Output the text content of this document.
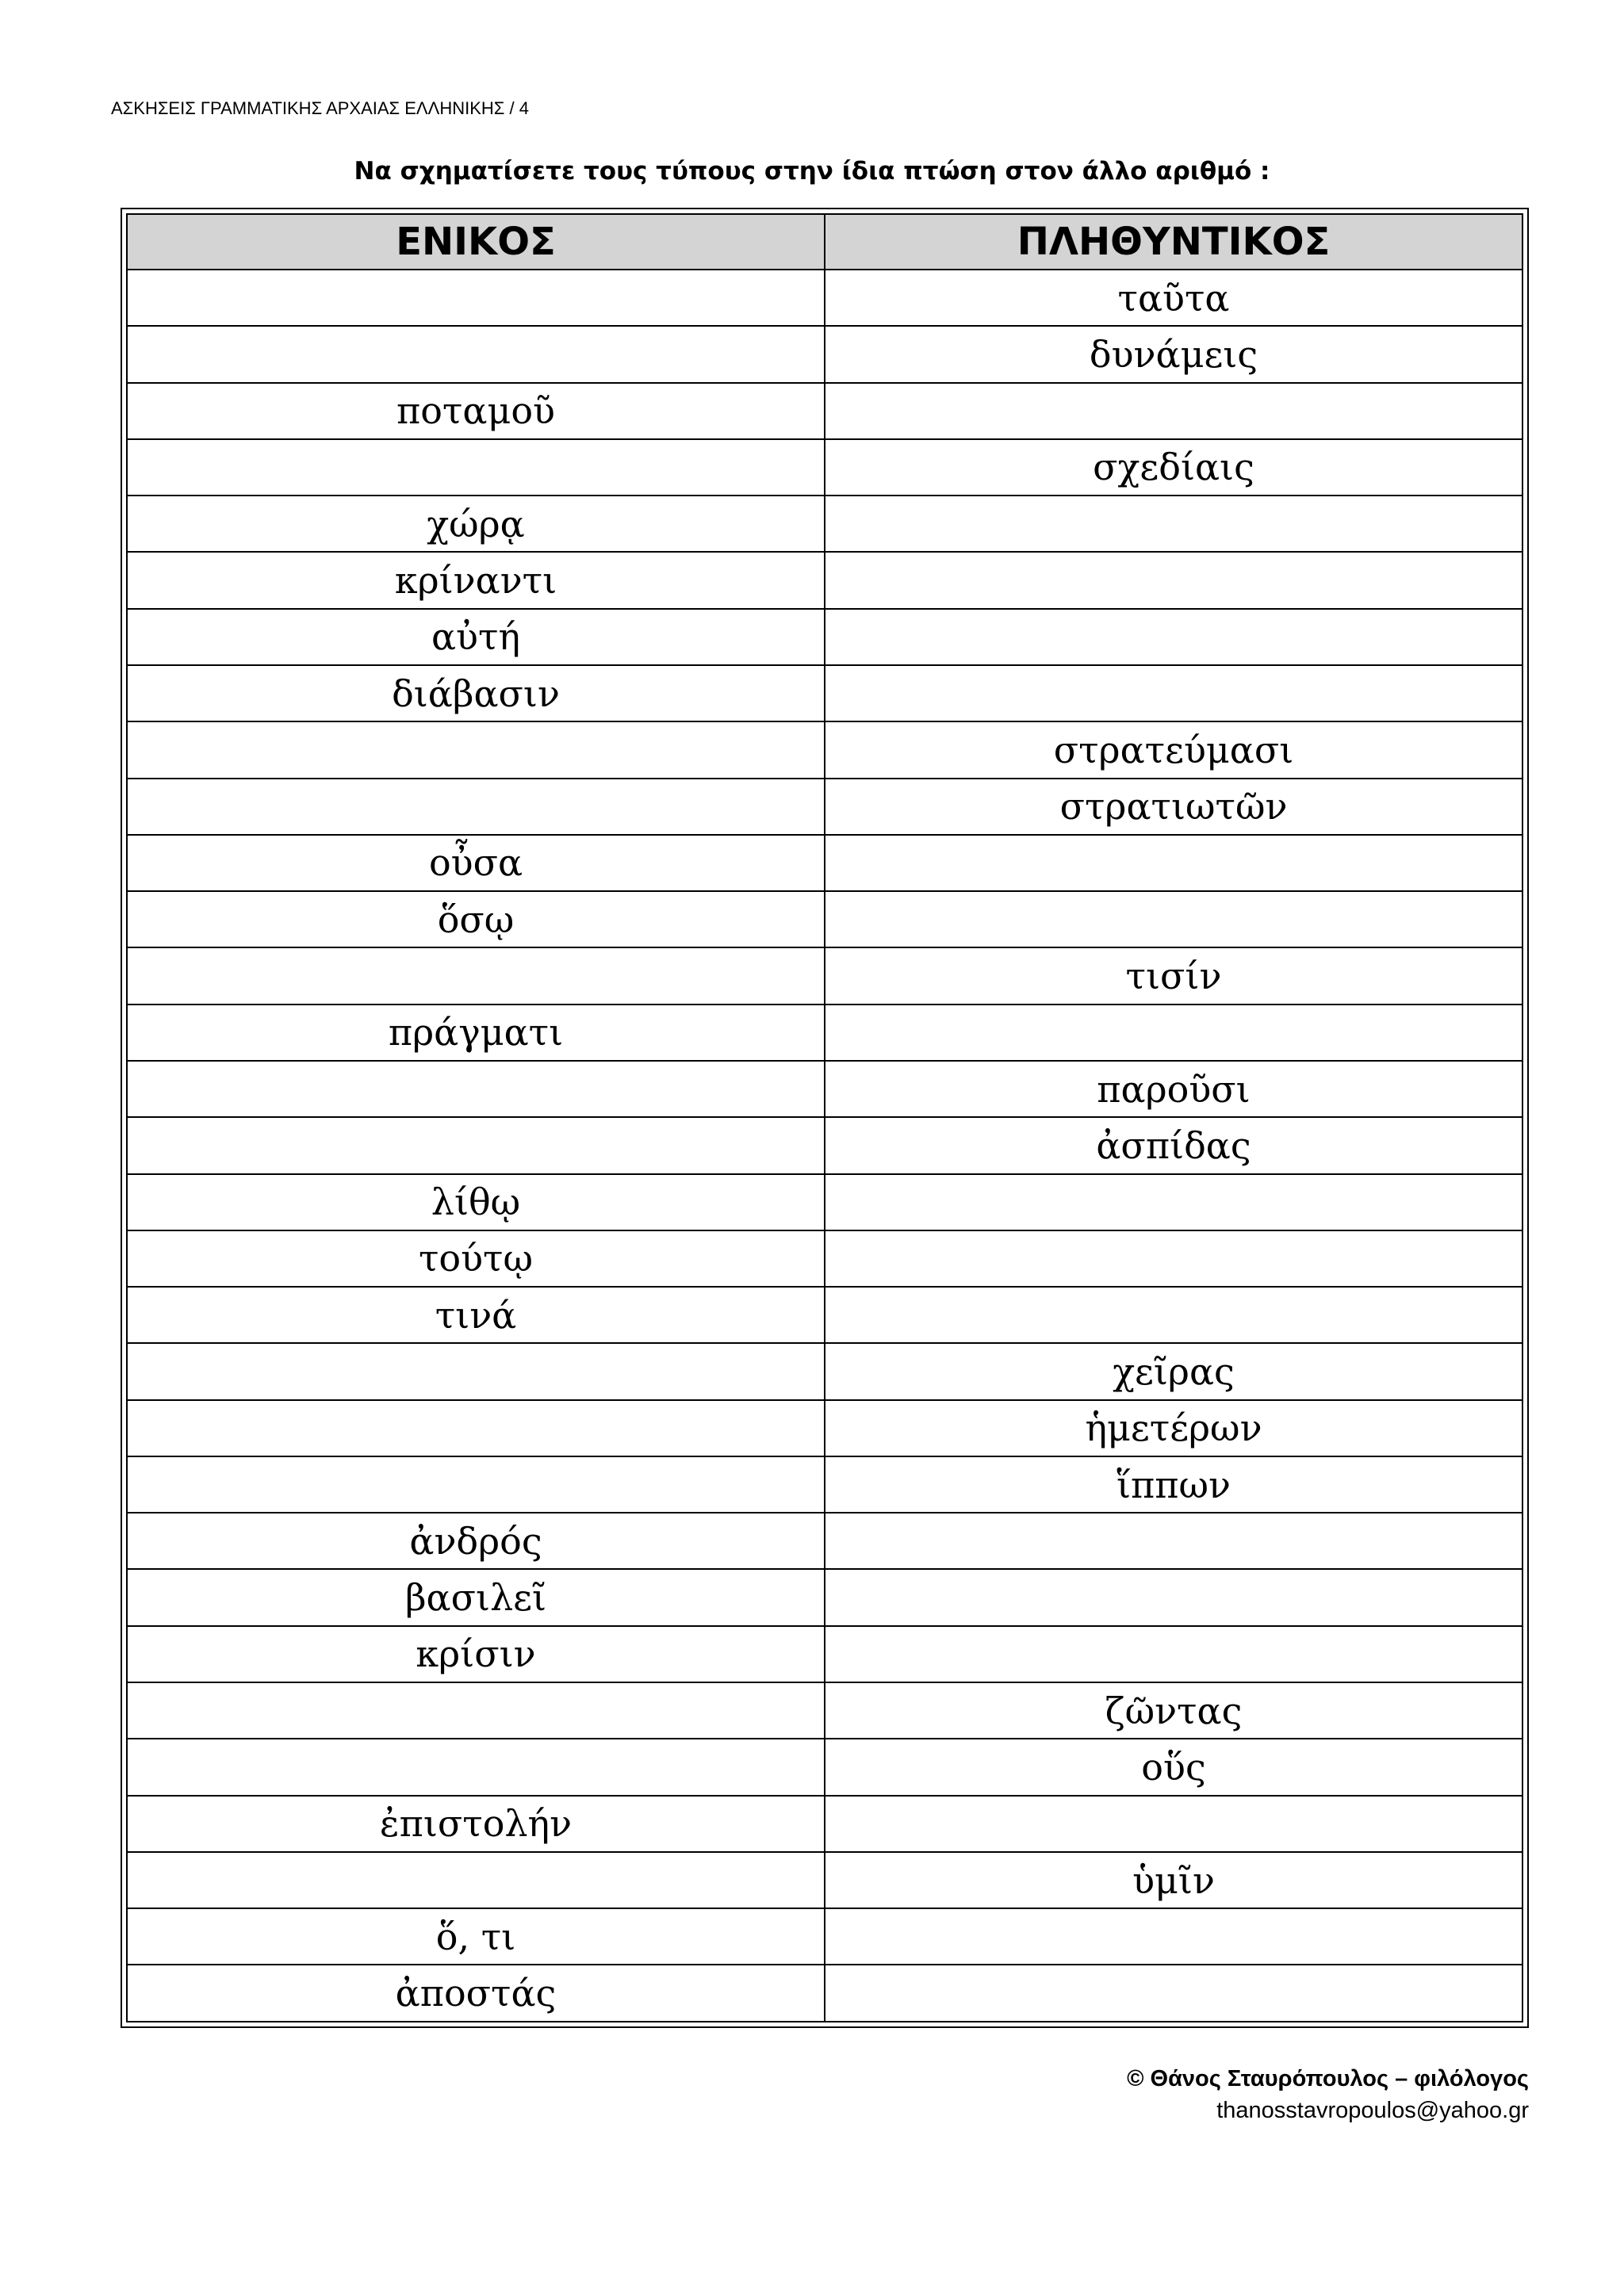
ΑΣΚΗΣΕΙΣ ΓΡΑΜΜΑΤΙΚΗΣ ΑΡΧΑΙΑΣ ΕΛΛΗΝΙΚΗΣ / 4
Να σχηματίσετε τους τύπους στην ίδια πτώση στον άλλο αριθμό :
ΕΝΙΚΟΣ	ΠΛΗΘΥΝΤΙΚΟΣ
	ταῦτα
	δυνάμεις
ποταμοῦ	
	σχεδίαις
χώρᾳ	
κρίναντι	
αὐτή	
διάβασιν	
	στρατεύμασι
	στρατιωτῶν
οὖσα	
ὅσῳ	
	τισίν
πράγματι	
	παροῦσι
	ἀσπίδας
λίθῳ	
τούτῳ	
τινά	
	χεῖρας
	ἡμετέρων
	ἵππων
ἀνδρός	
βασιλεῖ	
κρίσιν	
	ζῶντας
	οὕς
ἐπιστολήν	
	ὑμῖν
ὅ, τι	
ἀποστάς	
© Θάνος Σταυρόπουλος – φιλόλογος
thanosstavropoulos@yahoo.gr
